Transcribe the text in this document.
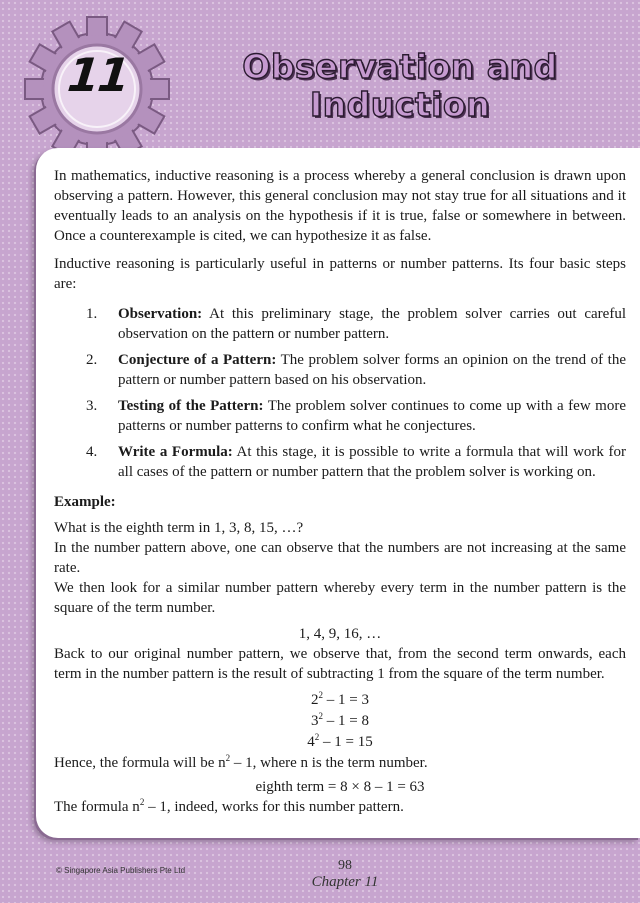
11	Observation and
Induction

In mathematics, inductive reasoning is a process whereby a general conclusion is drawn upon observing a pattern. However, this general conclusion may not stay true for all situations and it eventually leads to an analysis on the hypothesis if it is true, false or somewhere in between. Once a counterexample is cited, we can hypothesize it as false.

Inductive reasoning is particularly useful in patterns or number patterns. Its four basic steps are:

1. Observation: At this preliminary stage, the problem solver carries out careful observation on the pattern or number pattern.
2. Conjecture of a Pattern: The problem solver forms an opinion on the trend of the pattern or number pattern based on his observation.
3. Testing of the Pattern: The problem solver continues to come up with a few more patterns or number patterns to confirm what he conjectures.
4. Write a Formula: At this stage, it is possible to write a formula that will work for all cases of the pattern or number pattern that the problem solver is working on.

Example:

What is the eighth term in 1, 3, 8, 15, …?

In the number pattern above, one can observe that the numbers are not increasing at the same rate.

We then look for a similar number pattern whereby every term in the number pattern is the square of the term number.

1, 4, 9, 16, …

Back to our original number pattern, we observe that, from the second term onwards, each term in the number pattern is the result of subtracting 1 from the square of the term number.

$2^2 - 1 = 3$
$3^2 - 1 = 8$
$4^2 - 1 = 15$

Hence, the formula will be $n^2 - 1$, where n is the term number.

eighth term = 8 × 8 – 1 = 63

The formula $n^2 - 1$, indeed, works for this number pattern.

© Singapore Asia Publishers Pte Ltd	98
Chapter 11
